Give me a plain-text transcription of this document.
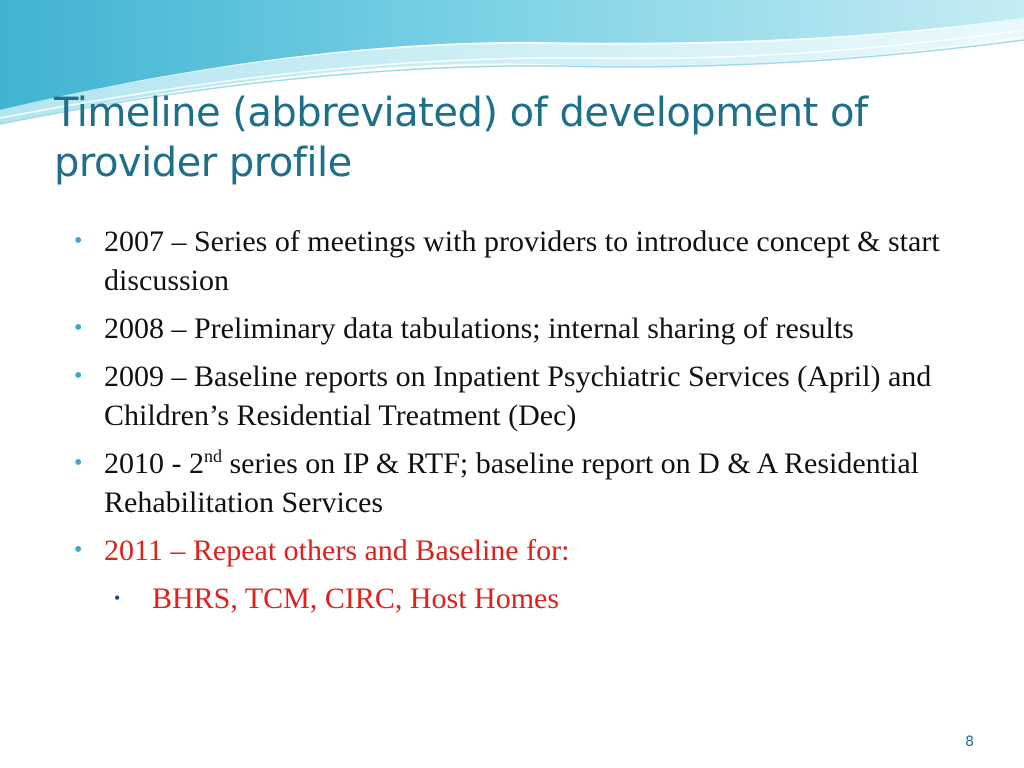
Timeline (abbreviated) of development of provider profile
• 2007 – Series of meetings with providers to introduce concept & start discussion
• 2008 – Preliminary data tabulations; internal sharing of results
• 2009 – Baseline reports on Inpatient Psychiatric Services (April) and Children’s Residential Treatment (Dec)
• 2010 - 2nd series on IP & RTF; baseline report on D & A Residential Rehabilitation Services
• 2011 – Repeat others and Baseline for:
• BHRS, TCM, CIRC, Host Homes
8
